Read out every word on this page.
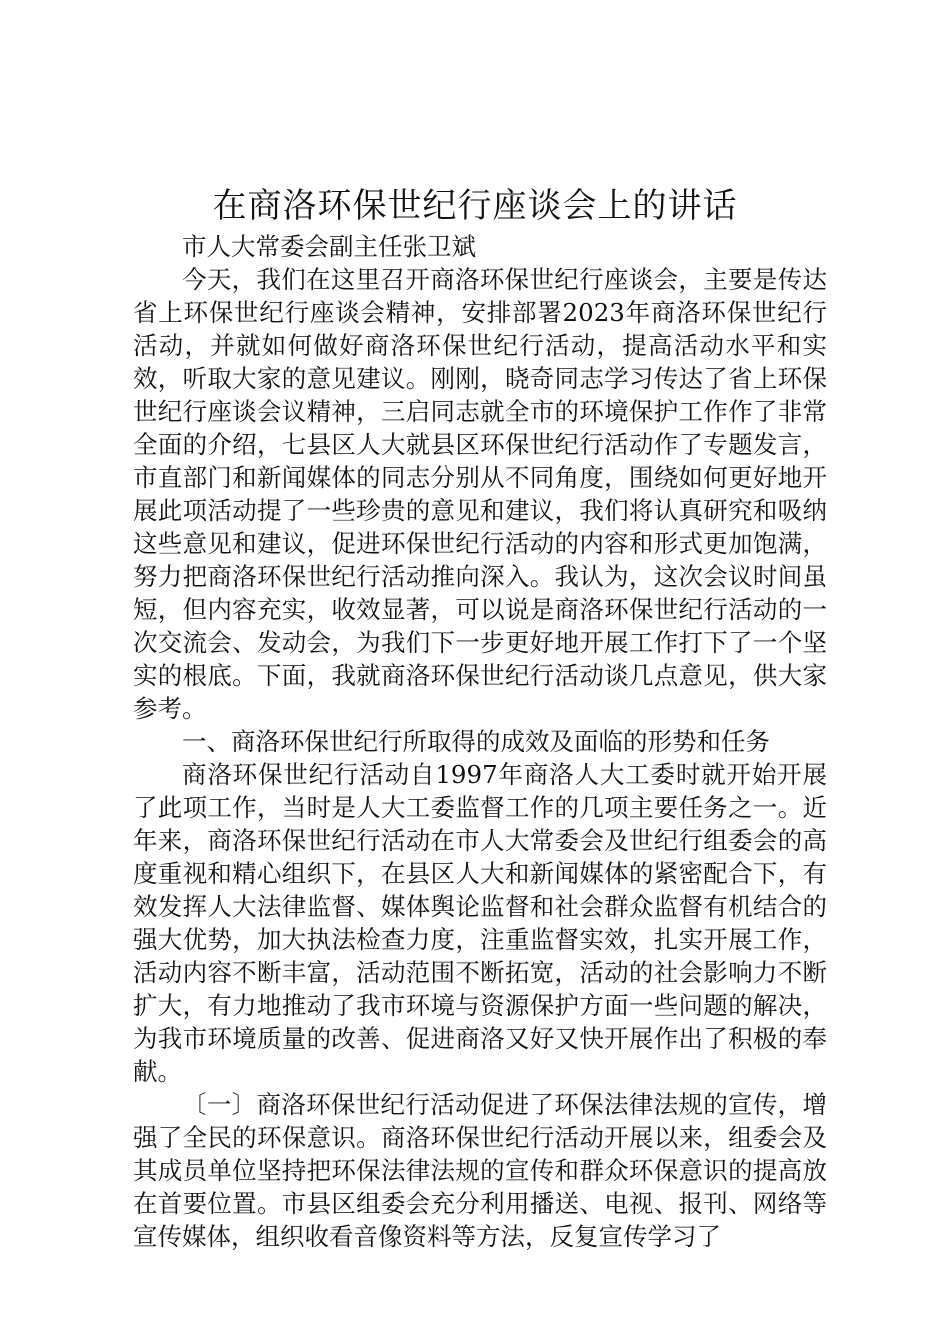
在商洛环保世纪行座谈会上的讲话

市人大常委会副主任张卫斌

今天，我们在这里召开商洛环保世纪行座谈会，主要是传达省上环保世纪行座谈会精神，安排部署2023年商洛环保世纪行活动，并就如何做好商洛环保世纪行活动，提高活动水平和实效，听取大家的意见建议。刚刚，晓奇同志学习传达了省上环保世纪行座谈会议精神，三启同志就全市的环境保护工作作了非常全面的介绍，七县区人大就县区环保世纪行活动作了专题发言，市直部门和新闻媒体的同志分别从不同角度，围绕如何更好地开展此项活动提了一些珍贵的意见和建议，我们将认真研究和吸纳这些意见和建议，促进环保世纪行活动的内容和形式更加饱满，努力把商洛环保世纪行活动推向深入。我认为，这次会议时间虽短，但内容充实，收效显著，可以说是商洛环保世纪行活动的一次交流会、发动会，为我们下一步更好地开展工作打下了一个坚实的根底。下面，我就商洛环保世纪行活动谈几点意见，供大家参考。

一、商洛环保世纪行所取得的成效及面临的形势和任务

商洛环保世纪行活动自1997年商洛人大工委时就开始开展了此项工作，当时是人大工委监督工作的几项主要任务之一。近年来，商洛环保世纪行活动在市人大常委会及世纪行组委会的高度重视和精心组织下，在县区人大和新闻媒体的紧密配合下，有效发挥人大法律监督、媒体舆论监督和社会群众监督有机结合的强大优势，加大执法检查力度，注重监督实效，扎实开展工作，活动内容不断丰富，活动范围不断拓宽，活动的社会影响力不断扩大，有力地推动了我市环境与资源保护方面一些问题的解决，为我市环境质量的改善、促进商洛又好又快开展作出了积极的奉献。

〔一〕商洛环保世纪行活动促进了环保法律法规的宣传，增强了全民的环保意识。商洛环保世纪行活动开展以来，组委会及其成员单位坚持把环保法律法规的宣传和群众环保意识的提高放在首要位置。市县区组委会充分利用播送、电视、报刊、网络等宣传媒体，组织收看音像资料等方法，反复宣传学习了
